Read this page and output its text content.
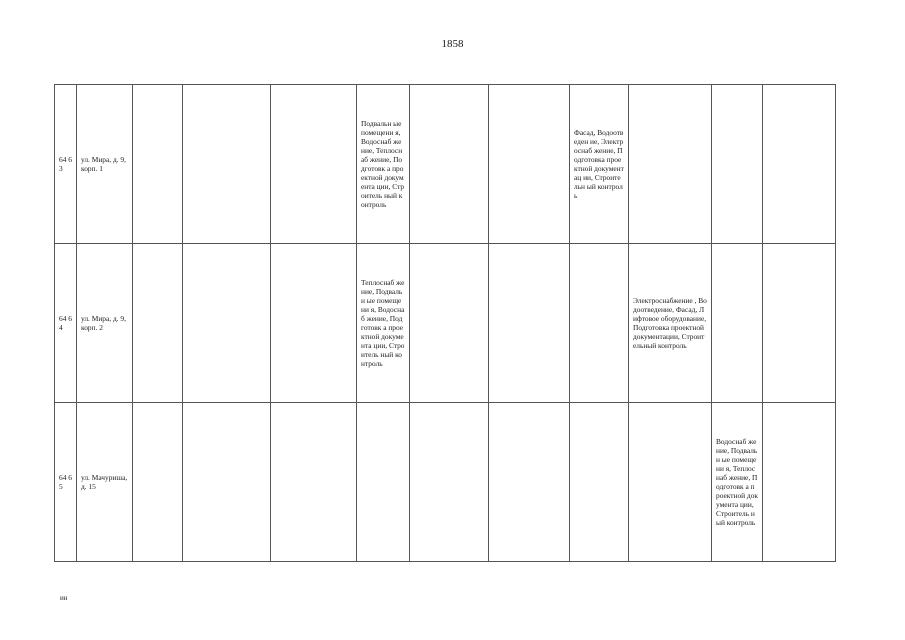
1858
64 63	ул. Мира, д. 9, корп. 1				Подвальн ые помещени я, Водоснаб жение, Теплоснаб жение, Подготовк а проектной документа ции, Строитель ный контроль			Фасад, Водоотведен ие, Электроснаб жение, Подготовка проектной документац ии, Строительн ый контроль			
64 64	ул. Мира, д. 9, корп. 2				Теплоснаб жение, Подвальн ые помещени я, Водоснаб жение, Подготовк а проектной документа ции, Строитель ный контроль				Электроснабжение , Водоотведение, Фасад, Лифтовое оборудование, Подготовка проектной документации, Строительный контроль		
64 65	ул. Мачуриша, д. 15									Водоснаб жение, Подвальн ые помещени я, Теплоснаб жение, Подготовк а проектной документа ции, Строитель ный контроль	
ин
